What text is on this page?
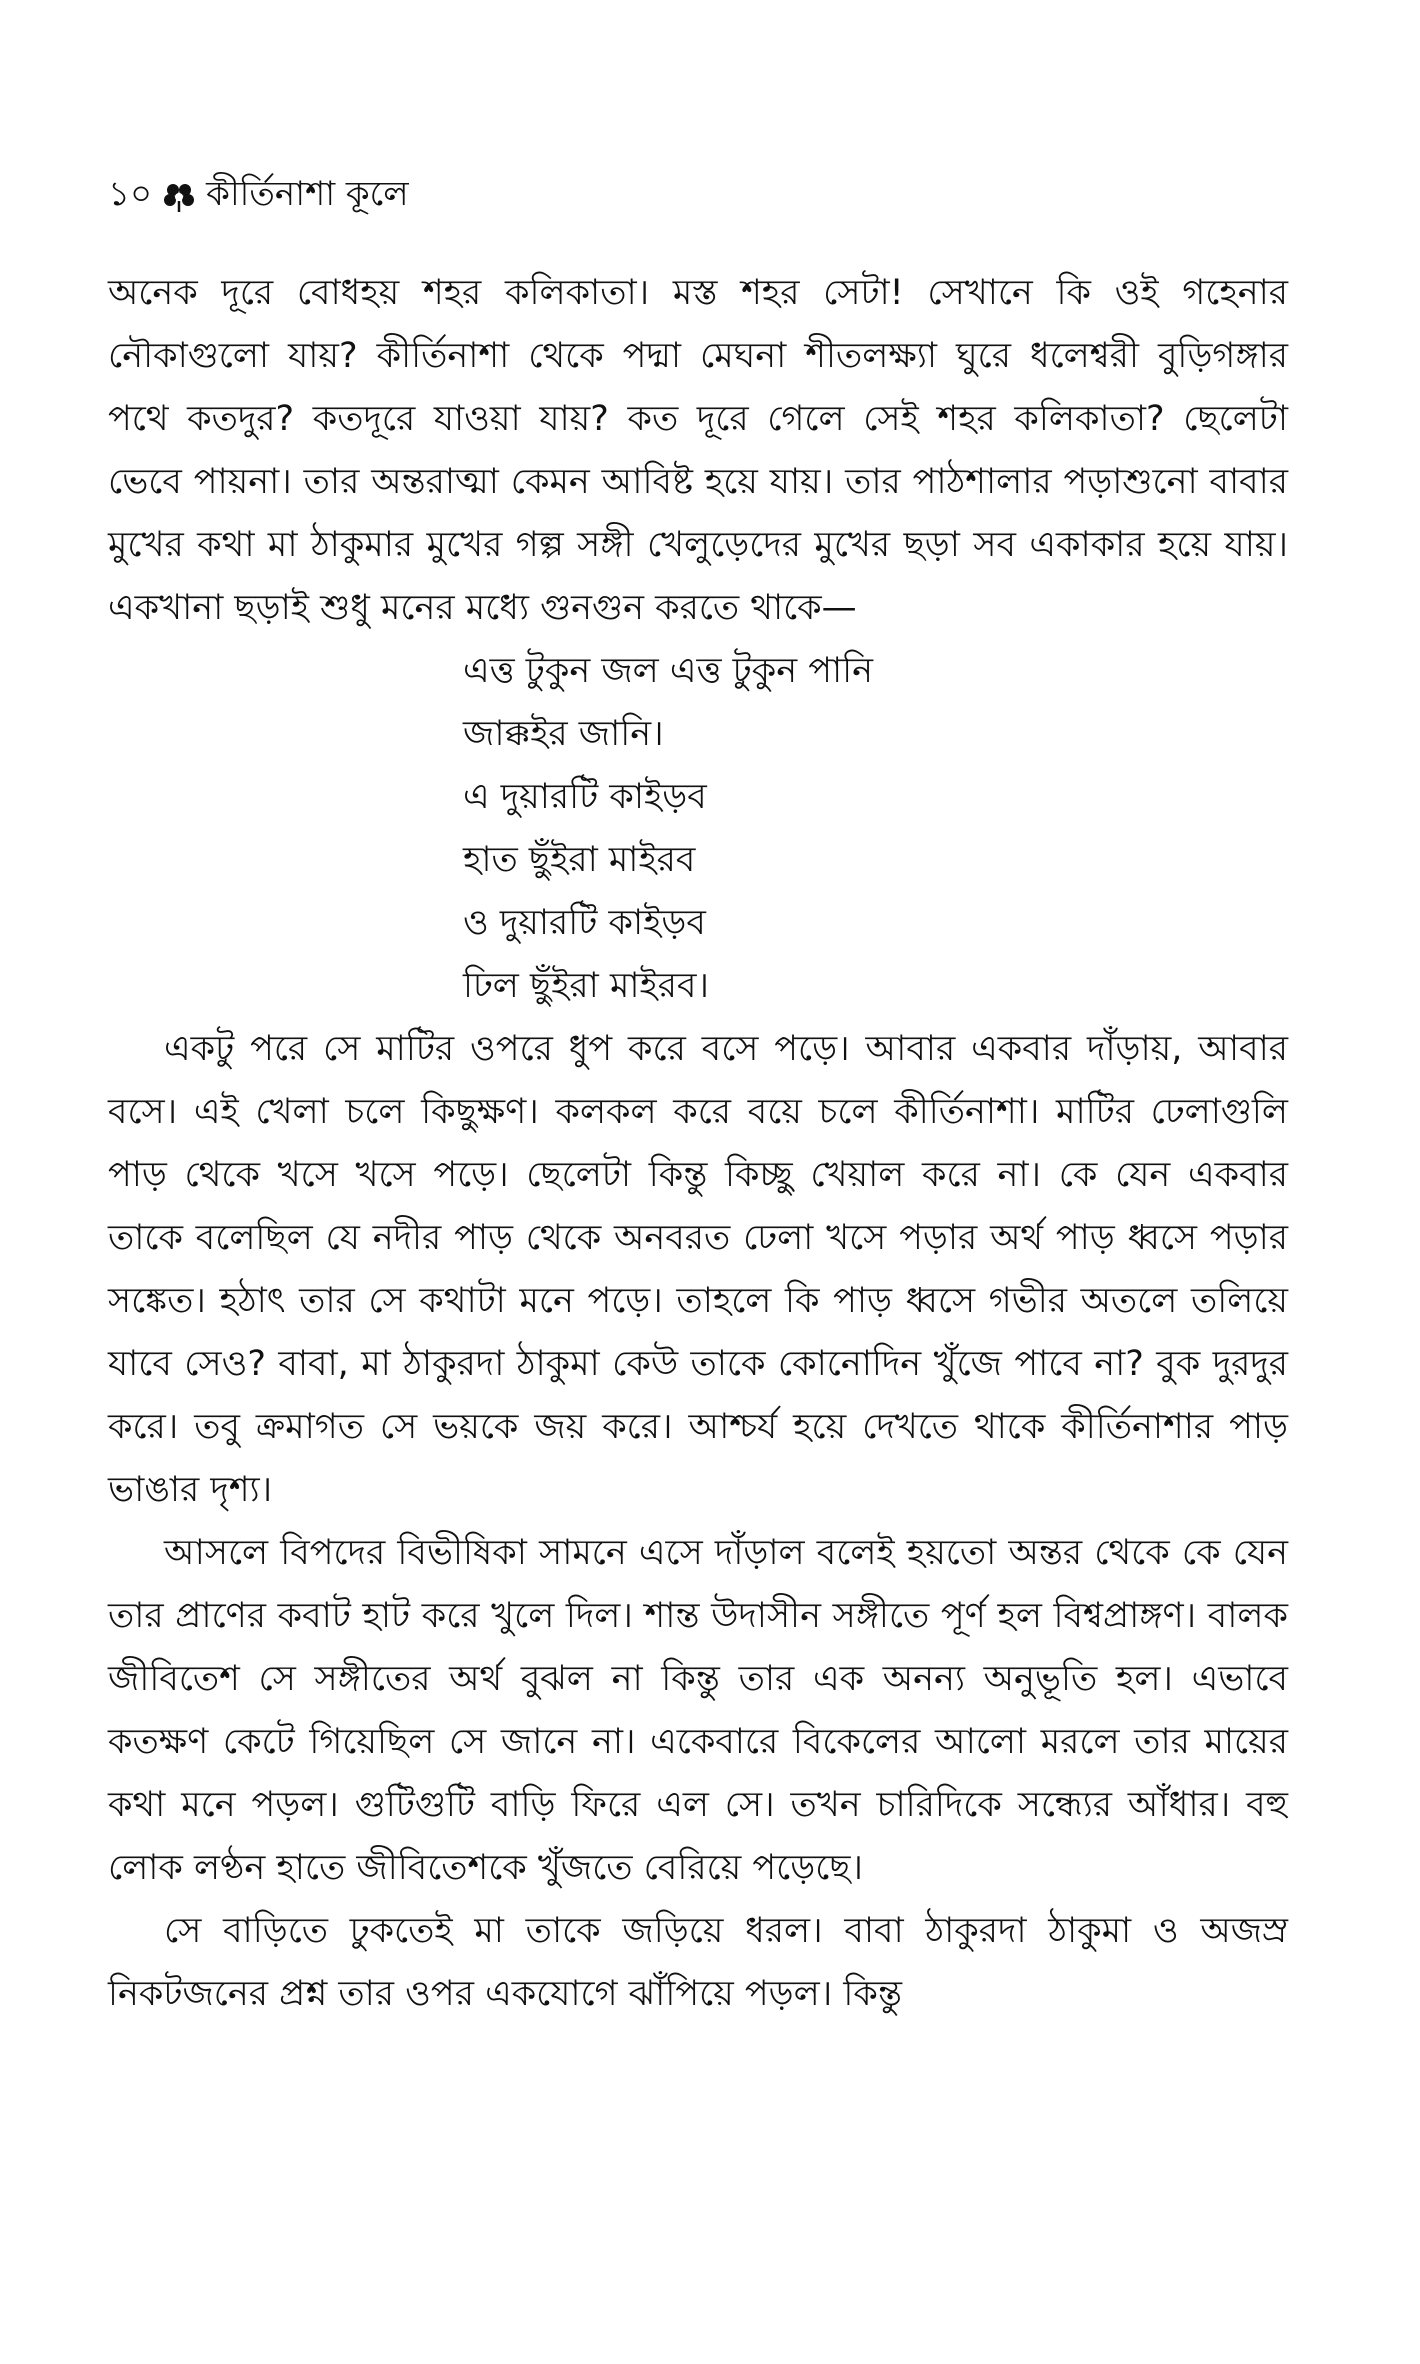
১০ কীর্তিনাশা কূলে

অনেক দূরে বোধহয় শহর কলিকাতা। মস্ত শহর সেটা! সেখানে কি ওই গহেনার নৌকাগুলো যায়? কীর্তিনাশা থেকে পদ্মা মেঘনা শীতলক্ষ্যা ঘুরে ধলেশ্বরী বুড়িগঙ্গার পথে কতদুর? কতদূরে যাওয়া যায়? কত দূরে গেলে সেই শহর কলিকাতা? ছেলেটা ভেবে পায়না। তার অন্তরাত্মা কেমন আবিষ্ট হয়ে যায়। তার পাঠশালার পড়াশুনো বাবার মুখের কথা মা ঠাকুমার মুখের গল্প সঙ্গী খেলুড়েদের মুখের ছড়া সব একাকার হয়ে যায়। একখানা ছড়াই শুধু মনের মধ্যে গুনগুন করতে থাকে—

এত্ত টুকুন জল এত্ত টুকুন পানি
জাক্কইর জানি।
এ দুয়ারটি কাইড়ব
হাত ছুঁইরা মাইরব
ও দুয়ারটি কাইড়ব
ঢিল ছুঁইরা মাইরব।

একটু পরে সে মাটির ওপরে ধুপ করে বসে পড়ে। আবার একবার দাঁড়ায়, আবার বসে। এই খেলা চলে কিছুক্ষণ। কলকল করে বয়ে চলে কীর্তিনাশা। মাটির ঢেলাগুলি পাড় থেকে খসে খসে পড়ে। ছেলেটা কিন্তু কিচ্ছু খেয়াল করে না। কে যেন একবার তাকে বলেছিল যে নদীর পাড় থেকে অনবরত ঢেলা খসে পড়ার অর্থ পাড় ধ্বসে পড়ার সঙ্কেত। হঠাৎ তার সে কথাটা মনে পড়ে। তাহলে কি পাড় ধ্বসে গভীর অতলে তলিয়ে যাবে সেও? বাবা, মা ঠাকুরদা ঠাকুমা কেউ তাকে কোনোদিন খুঁজে পাবে না? বুক দুরদুর করে। তবু ক্রমাগত সে ভয়কে জয় করে। আশ্চর্য হয়ে দেখতে থাকে কীর্তিনাশার পাড় ভাঙার দৃশ্য।

আসলে বিপদের বিভীষিকা সামনে এসে দাঁড়াল বলেই হয়তো অন্তর থেকে কে যেন তার প্রাণের কবাট হাট করে খুলে দিল। শান্ত উদাসীন সঙ্গীতে পূর্ণ হল বিশ্বপ্রাঙ্গণ। বালক জীবিতেশ সে সঙ্গীতের অর্থ বুঝল না কিন্তু তার এক অনন্য অনুভূতি হল। এভাবে কতক্ষণ কেটে গিয়েছিল সে জানে না। একেবারে বিকেলের আলো মরলে তার মায়ের কথা মনে পড়ল। গুটিগুটি বাড়ি ফিরে এল সে। তখন চারিদিকে সন্ধ্যের আঁধার। বহু লোক লণ্ঠন হাতে জীবিতেশকে খুঁজতে বেরিয়ে পড়েছে।

সে বাড়িতে ঢুকতেই মা তাকে জড়িয়ে ধরল। বাবা ঠাকুরদা ঠাকুমা ও অজস্র নিকটজনের প্রশ্ন তার ওপর একযোগে ঝাঁপিয়ে পড়ল। কিন্তু
